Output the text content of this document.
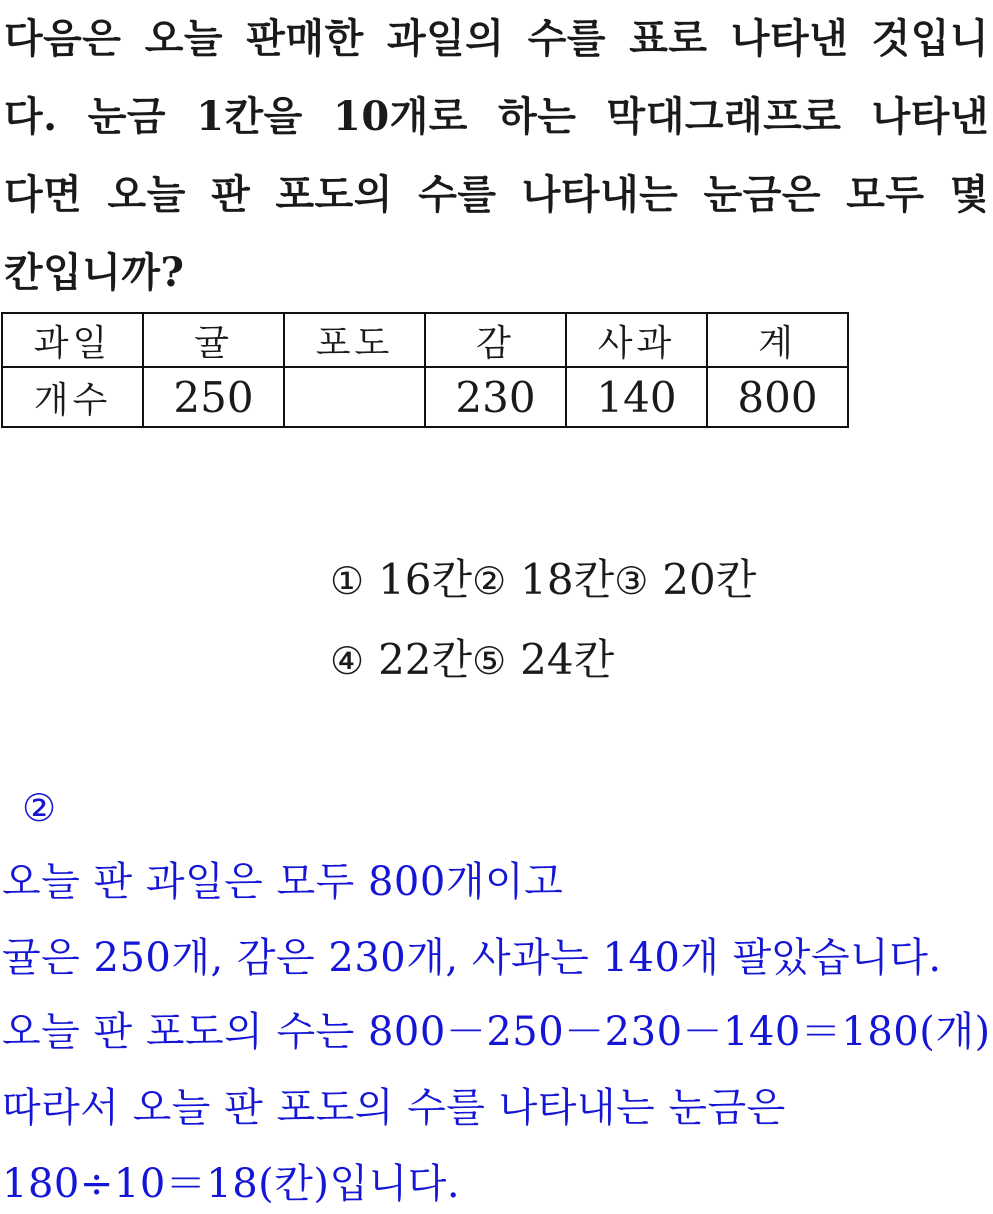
다음은 오늘 판매한 과일의 수를 표로 나타낸 것입니
다. 눈금 1칸을 10개로 하는 막대그래프로 나타낸
다면 오늘 판 포도의 수를 나타내는 눈금은 모두 몇
칸입니까?
과일	귤	포도	감	사과	계
개수	250		230	140	800
① 16칸② 18칸③ 20칸
④ 22칸⑤ 24칸
②
오늘 판 과일은 모두 800개이고
귤은 250개, 감은 230개, 사과는 140개 팔았습니다.
오늘 판 포도의 수는 800－250－230－140＝180(개)
따라서 오늘 판 포도의 수를 나타내는 눈금은
180÷10＝18(칸)입니다.
